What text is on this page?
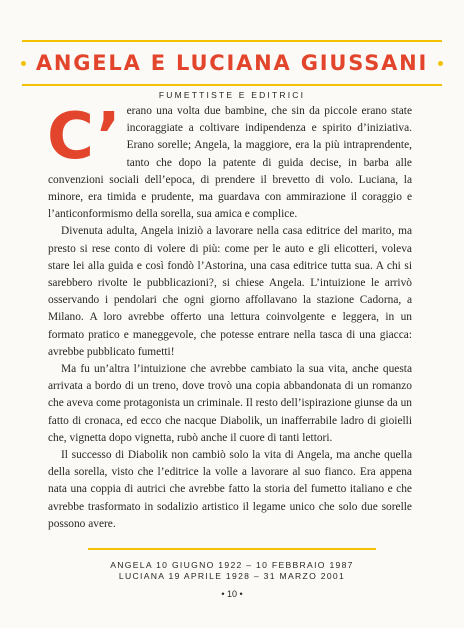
ANGELA E LUCIANA GIUSSANI
FUMETTISTE E EDITRICI

C’ erano una volta due bambine, che sin da piccole erano state incoraggiate a coltivare indipendenza e spirito d’iniziativa. Erano sorelle; Angela, la maggiore, era la più intraprendente, tanto che dopo la patente di guida decise, in barba alle convenzioni sociali dell’epoca, di prendere il brevetto di volo. Luciana, la minore, era timida e prudente, ma guardava con ammirazione il coraggio e l’anticonformismo della sorella, sua amica e complice.

Divenuta adulta, Angela iniziò a lavorare nella casa editrice del marito, ma presto si rese conto di volere di più: come per le auto e gli elicotteri, voleva stare lei alla guida e così fondò l’Astorina, una casa editrice tutta sua. A chi si sarebbero rivolte le pubblicazioni?, si chiese Angela. L’intuizione le arrivò osservando i pendolari che ogni giorno affollavano la stazione Cadorna, a Milano. A loro avrebbe offerto una lettura coinvolgente e leggera, in un formato pratico e maneggevole, che potesse entrare nella tasca di una giacca: avrebbe pubblicato fumetti!

Ma fu un’altra l’intuizione che avrebbe cambiato la sua vita, anche questa arrivata a bordo di un treno, dove trovò una copia abbandonata di un romanzo che aveva come protagonista un criminale. Il resto dell’ispirazione giunse da un fatto di cronaca, ed ecco che nacque Diabolik, un inafferrabile ladro di gioielli che, vignetta dopo vignetta, rubò anche il cuore di tanti lettori.

Il successo di Diabolik non cambiò solo la vita di Angela, ma anche quella della sorella, visto che l’editrice la volle a lavorare al suo fianco. Era appena nata una coppia di autrici che avrebbe fatto la storia del fumetto italiano e che avrebbe trasformato in sodalizio artistico il legame unico che solo due sorelle possono avere.

ANGELA 10 GIUGNO 1922 – 10 FEBBRAIO 1987
LUCIANA 19 APRILE 1928 – 31 MARZO 2001
• 10 •
